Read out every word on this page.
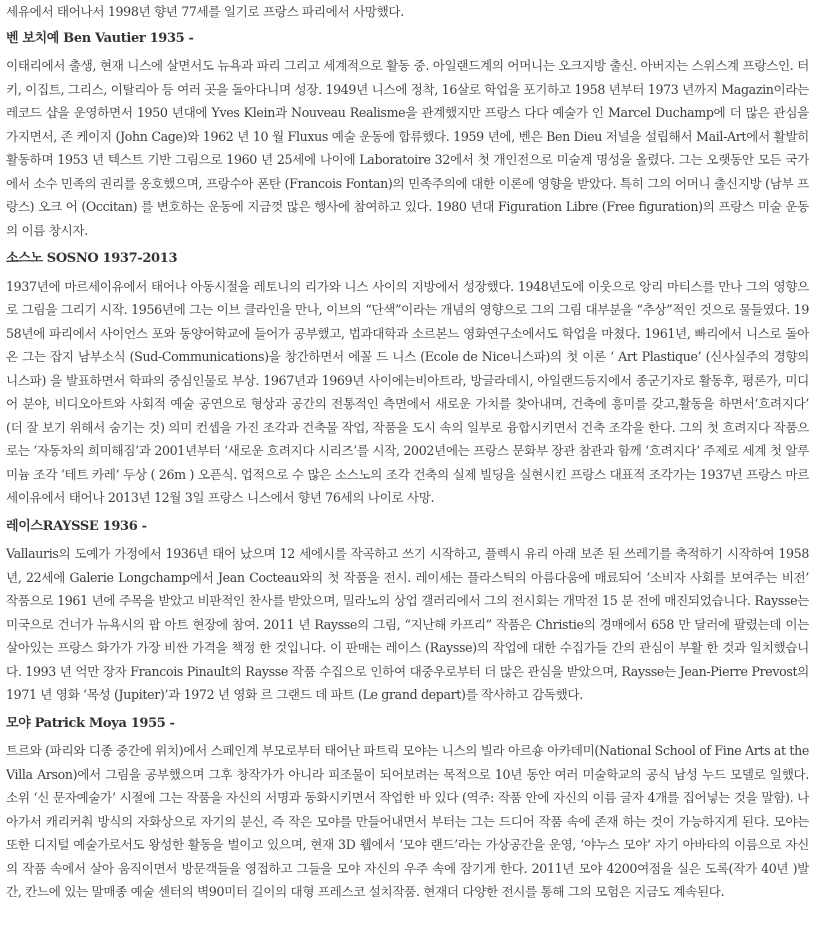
세유에서 태어나서 1998년 향년 77세를 일기로 프랑스 파리에서 사망했다.
벤 보치예 Ben Vautier 1935 -
이태리에서 출생, 현재 니스에 살면서도 뉴욕과 파리 그리고 세계적으로 활동 중. 아일랜드계의 어머니는 오크지방 출신. 아버지는 스위스계 프랑스인. 터키, 이집트, 그리스, 이탈리아 등 여러 곳을 돌아다니며 성장. 1949년 니스에 정착, 16살로 학업을 포기하고 1958 년부터 1973 년까지 Magazin이라는 레코드 샵을 운영하면서 1950 년대에 Yves Klein과 Nouveau Realisme을 관계했지만 프랑스 다다 예술가 인 Marcel Duchamp에 더 많은 관심을 가지면서, 존 케이지 (John Cage)와 1962 년 10 월 Fluxus 예술 운동에 합류했다. 1959 년에, 벤은 Ben Dieu 저널을 설립해서 Mail-Art에서 활발히 활동하며 1953 년 텍스트 기반 그림으로 1960 년 25세에 나이에 Laboratoire 32에서 첫 개인전으로 미술계 명성을 올렸다. 그는 오랫동안 모든 국가에서 소수 민족의 권리를 옹호했으며, 프랑수아 폰탄 (Francois Fontan)의 민족주의에 대한 이론에 영향을 받았다. 특히 그의 어머니 출신지방 (남부 프랑스) 오크 어 (Occitan) 를 변호하는 운동에 지금껏 많은 행사에 참여하고 있다. 1980 년대 Figuration Libre (Free figuration)의 프랑스 미술 운동의 이름 창시자.
소스노 SOSNO 1937-2013
1937년에 마르세이유에서 태어나 아동시절을 레토니의 리가와 니스 사이의 지방에서 성장했다. 1948년도에 이웃으로 앙리 마티스를 만나 그의 영향으로 그림을 그리기 시작. 1956년에 그는 이브 클라인을 만나, 이브의 “단색”이라는 개념의 영향으로 그의 그림 대부분을 “추상”적인 것으로 물들였다. 1958년에 파리에서 사이언스 포와 동양어학교에 들어가 공부했고, 법과대학과 소르본느 영화연구소에서도 학업을 마쳤다. 1961년, 빠리에서 니스로 돌아온 그는 잡지 남부소식 (Sud-Communications)을 창간하면서 에꼴 드 니스 (Ecole de Nice니스파)의 첫 이론 ‘ Art Plastique’ (신사실주의 경향의 니스파) 을 발표하면서 학파의 중심인물로 부상. 1967년과 1969년 사이에는비아트라, 방글라데시, 아일랜드등지에서 종군기자로 활동후, 평론가, 미디어 분야, 비디오아트와 사회적 예술 공연으로 형상과 공간의 전통적인 측면에서 새로운 가치를 찾아내며, 건축에 흥미를 갖고,활동을 하면서‘흐려지다’ (더 잘 보기 위해서 숨기는 것) 의미 컨셉을 가진 조각과 건축물 작업, 작품을 도시 속의 일부로 융합시키면서 건축 조각을 한다. 그의 첫 흐려지다 작품으로는 ‘자동차의 희미해짐’과 2001년부터 ‘새로운 흐려지다 시리즈’를 시작, 2002년에는 프랑스 문화부 장관 참관과 함께 ‘흐려지다’ 주제로 세계 첫 알루미늄 조각 ‘테트 카레’ 두상 ( 26m ) 오픈식. 업적으로 수 많은 소스노의 조각 건축의 실제 빌딩을 실현시킨 프랑스 대표적 조각가는 1937년 프랑스 마르세이유에서 태어나 2013년 12월 3일 프랑스 니스에서 향년 76세의 나이로 사망.
레이스RAYSSE 1936 -
Vallauris의 도예가 가정에서 1936년 태어 났으며 12 세에시를 작곡하고 쓰기 시작하고, 플렉시 유리 아래 보존 된 쓰레기를 축적하기 시작하여 1958 년, 22세에 Galerie Longchamp에서 Jean Cocteau와의 첫 작품을 전시. 레이세는 플라스틱의 아름다움에 매료되어 ‘소비자 사회를 보여주는 비전’ 작품으로 1961 년에 주목을 받았고 비판적인 찬사를 받았으며, 밀라노의 상업 갤러리에서 그의 전시회는 개막전 15 분 전에 매진되었습니다. Raysse는 미국으로 건너가 뉴욕시의 팝 아트 현장에 참여. 2011 년 Raysse의 그림, “지난해 카프리” 작품은 Christie의 경매에서 658 만 달러에 팔렸는데 이는 살아있는 프랑스 화가가 가장 비싼 가격을 책정 한 것입니다. 이 판매는 레이스 (Raysse)의 작업에 대한 수집가들 간의 관심이 부활 한 것과 일치했습니다. 1993 년 억만 장자 Francois Pinault의 Raysse 작품 수집으로 인하여 대중우로부터 더 많은 관심을 받았으며, Raysse는 Jean-Pierre Prevost의 1971 년 영화 ‘목성 (Jupiter)’과 1972 년 영화 르 그랜드 데 파트 (Le grand depart)를 작사하고 감독했다.
모야 Patrick Moya 1955 -
트르와 (파리와 디종 중간에 위치)에서 스페인계 부모로부터 태어난 파트릭 모야는 니스의 빌라 아르숑 아카데미(National School of Fine Arts at the Villa Arson)에서 그림을 공부했으며 그후 창작가가 아니라 피조물이 되어보려는 목적으로 10년 동안 여러 미술학교의 공식 남성 누드 모델로 일했다. 소위 ‘신 문자예술가’ 시절에 그는 작품을 자신의 서명과 동화시키면서 작업한 바 있다 (역주: 작품 안에 자신의 이름 글자 4개를 집어넣는 것을 말함). 나아가서 캐리커춰 방식의 자화상으로 자기의 분신, 즉 작은 모야를 만들어내면서 부터는 그는 드디어 작품 속에 존재 하는 것이 가능하지게 된다. 모야는 또한 디지털 예술가로서도 왕성한 활동을 벌이고 있으며, 현재 3D 웹에서 ‘모야 랜드’라는 가상공간을 운영, ‘야누스 모야’ 자기 아바타의 이름으로 자신의 작품 속에서 살아 움직이면서 방문객들을 영접하고 그들을 모야 자신의 우주 속에 잠기게 한다. 2011년 모야 4200여점을 실은 도록(작가 40년 )발간, 칸느에 있는 말매종 예술 센터의 벽90미터 길이의 대형 프레스코 설치작품. 현재더 다양한 전시를 통해 그의 모험은 지금도 계속된다.
